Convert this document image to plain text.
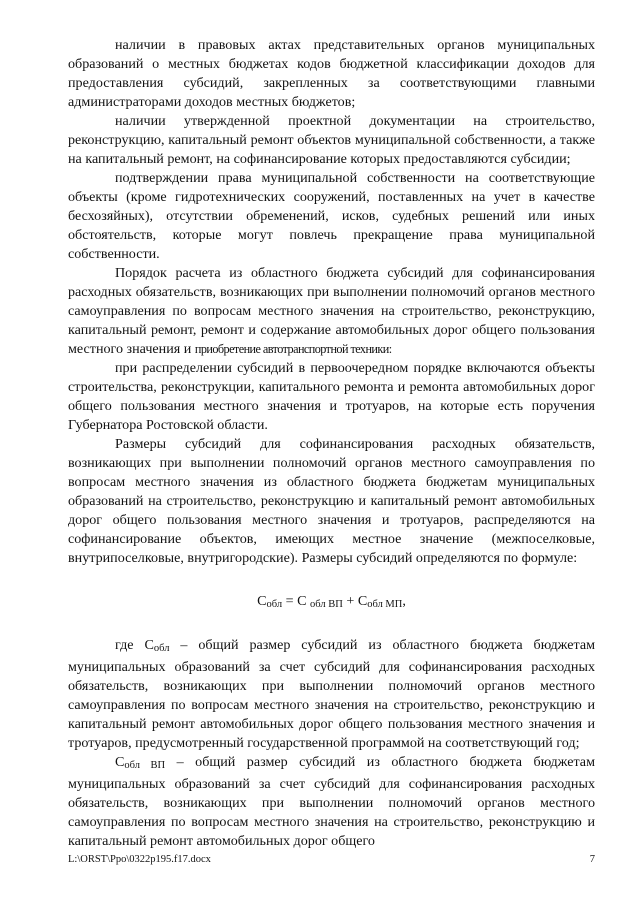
наличии в правовых актах представительных органов муниципальных образований о местных бюджетах кодов бюджетной классификации доходов для предоставления субсидий, закрепленных за соответствующими главными администраторами доходов местных бюджетов;

наличии утвержденной проектной документации на строительство, реконструкцию, капитальный ремонт объектов муниципальной собственности, а также на капитальный ремонт, на софинансирование которых предоставляются субсидии;

подтверждении права муниципальной собственности на соответствующие объекты (кроме гидротехнических сооружений, поставленных на учет в качестве бесхозяйных), отсутствии обременений, исков, судебных решений или иных обстоятельств, которые могут повлечь прекращение права муниципальной собственности.

Порядок расчета из областного бюджета субсидий для софинансирования расходных обязательств, возникающих при выполнении полномочий органов местного самоуправления по вопросам местного значения на строительство, реконструкцию, капитальный ремонт, ремонт и содержание автомобильных дорог общего пользования местного значения и приобретение автотранспортной техники:

при распределении субсидий в первоочередном порядке включаются объекты строительства, реконструкции, капитального ремонта и ремонта автомобильных дорог общего пользования местного значения и тротуаров, на которые есть поручения Губернатора Ростовской области.

Размеры субсидий для софинансирования расходных обязательств, возникающих при выполнении полномочий органов местного самоуправления по вопросам местного значения из областного бюджета бюджетам муниципальных образований на строительство, реконструкцию и капитальный ремонт автомобильных дорог общего пользования местного значения и тротуаров, распределяются на софинансирование объектов, имеющих местное значение (межпоселковые, внутрипоселковые, внутригородские). Размеры субсидий определяются по формуле:

$С_{обл} = С$ $_{обл ВП} + С_{обл МП}$,

где $С_{обл}$ – общий размер субсидий из областного бюджета бюджетам муниципальных образований за счет субсидий для софинансирования расходных обязательств, возникающих при выполнении полномочий органов местного самоуправления по вопросам местного значения на строительство, реконструкцию и капитальный ремонт автомобильных дорог общего пользования местного значения и тротуаров, предусмотренный государственной программой на соответствующий год;

$С_{обл ВП}$ – общий размер субсидий из областного бюджета бюджетам муниципальных образований за счет субсидий для софинансирования расходных обязательств, возникающих при выполнении полномочий органов местного самоуправления по вопросам местного значения на строительство, реконструкцию и капитальный ремонт автомобильных дорог общего

L:\ORST\Ppo\0322p195.f17.docx	7
